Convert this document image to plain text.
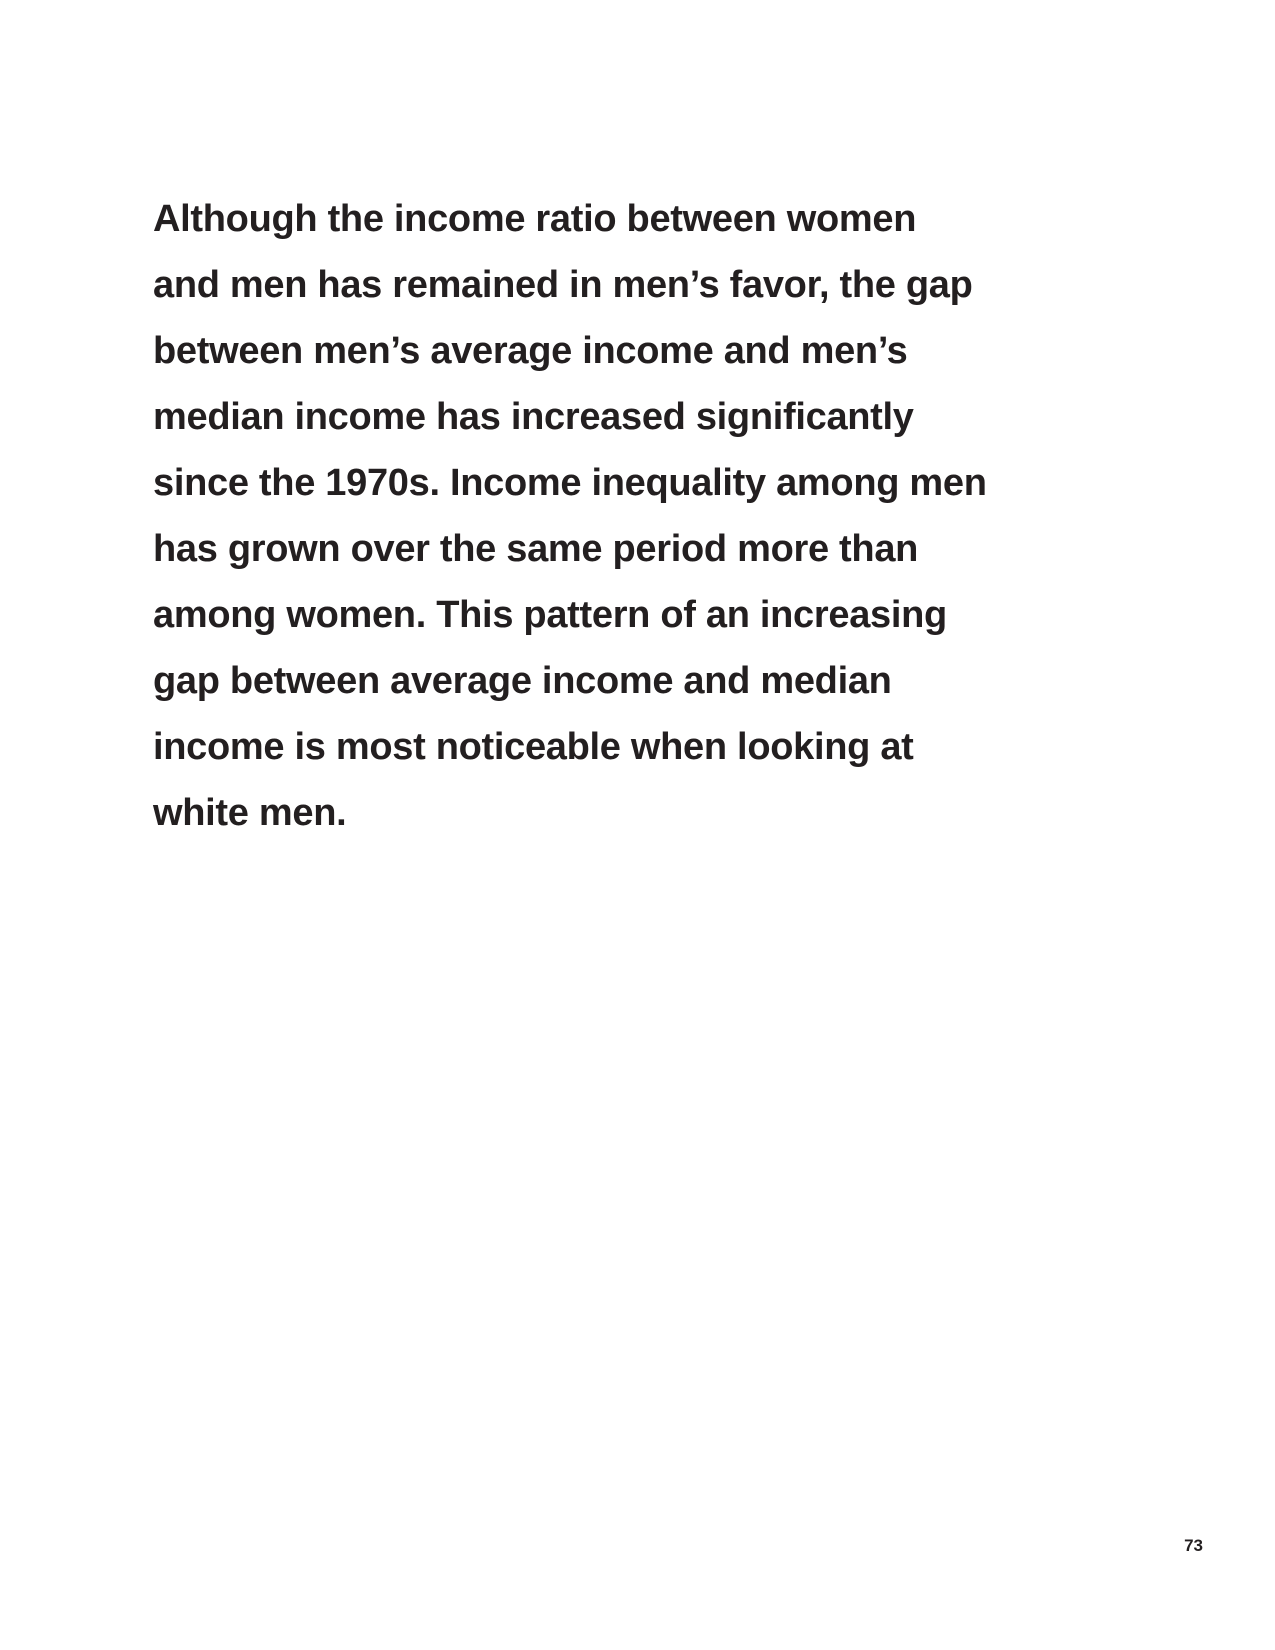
Although the income ratio between women
and men has remained in men’s favor, the gap
between men’s average income and men’s
median income has increased significantly
since the 1970s. Income inequality among men
has grown over the same period more than
among women. This pattern of an increasing
gap between average income and median
income is most noticeable when looking at
white men.

73
